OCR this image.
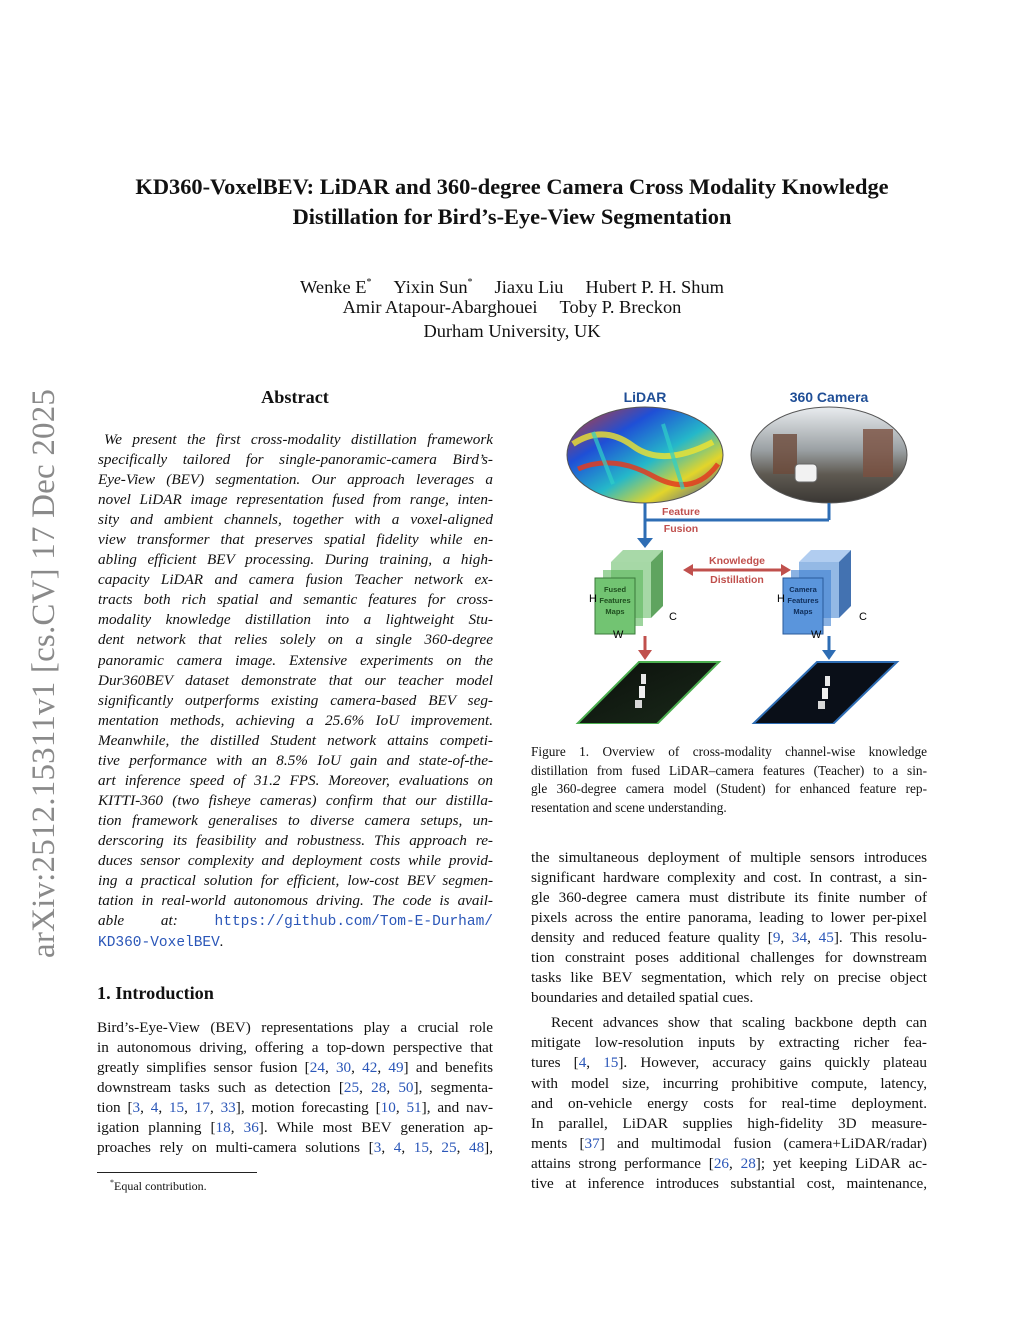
arXiv:2512.15311v1 [cs.CV] 17 Dec 2025
KD360-VoxelBEV: LiDAR and 360-degree Camera Cross Modality Knowledge
Distillation for Bird’s-Eye-View Segmentation
Wenke E* Yixin Sun* Jiaxu Liu Hubert P. H. Shum
Amir Atapour-Abarghouei Toby P. Breckon
Durham University, UK
Abstract
We present the first cross-modality distillation framework
specifically tailored for single-panoramic-camera Bird’s-
Eye-View (BEV) segmentation. Our approach leverages a
novel LiDAR image representation fused from range, inten-
sity and ambient channels, together with a voxel-aligned
view transformer that preserves spatial fidelity while en-
abling efficient BEV processing. During training, a high-
capacity LiDAR and camera fusion Teacher network ex-
tracts both rich spatial and semantic features for cross-
modality knowledge distillation into a lightweight Stu-
dent network that relies solely on a single 360-degree
panoramic camera image. Extensive experiments on the
Dur360BEV dataset demonstrate that our teacher model
significantly outperforms existing camera-based BEV seg-
mentation methods, achieving a 25.6% IoU improvement.
Meanwhile, the distilled Student network attains competi-
tive performance with an 8.5% IoU gain and state-of-the-
art inference speed of 31.2 FPS. Moreover, evaluations on
KITTI-360 (two fisheye cameras) confirm that our distilla-
tion framework generalises to diverse camera setups, un-
derscoring its feasibility and robustness. This approach re-
duces sensor complexity and deployment costs while provid-
ing a practical solution for efficient, low-cost BEV segmen-
tation in real-world autonomous driving. The code is avail-
able at:	https://github.com/Tom-E-Durham/
KD360-VoxelBEV.
1. Introduction
Bird’s-Eye-View (BEV) representations play a crucial role
in autonomous driving, offering a top-down perspective that
greatly simplifies sensor fusion [24, 30, 42, 49] and benefits
downstream tasks such as detection [25, 28, 50], segmenta-
tion [3, 4, 15, 17, 33], motion forecasting [10, 51], and nav-
igation planning [18, 36]. While most BEV generation ap-
proaches rely on multi-camera solutions [3, 4, 15, 25, 48],
*Equal contribution.
LiDAR	360 Camera
Feature
Fusion
Fused
Features
Maps
H
W
C
Knowledge
Distillation
Camera
Features
Maps
H
W
C
Figure 1. Overview of cross-modality channel-wise knowledge
distillation from fused LiDAR–camera features (Teacher) to a sin-
gle 360-degree camera model (Student) for enhanced feature rep-
resentation and scene understanding.
the simultaneous deployment of multiple sensors introduces
significant hardware complexity and cost. In contrast, a sin-
gle 360-degree camera must distribute its finite number of
pixels across the entire panorama, leading to lower per-pixel
density and reduced feature quality [9, 34, 45]. This resolu-
tion constraint poses additional challenges for downstream
tasks like BEV segmentation, which rely on precise object
boundaries and detailed spatial cues.
Recent advances show that scaling backbone depth can
mitigate low-resolution inputs by extracting richer fea-
tures [4, 15]. However, accuracy gains quickly plateau
with model size, incurring prohibitive compute, latency,
and on-vehicle energy costs for real-time deployment.
In parallel, LiDAR supplies high-fidelity 3D measure-
ments [37] and multimodal fusion (camera+LiDAR/radar)
attains strong performance [26, 28]; yet keeping LiDAR ac-
tive at inference introduces substantial cost, maintenance,
